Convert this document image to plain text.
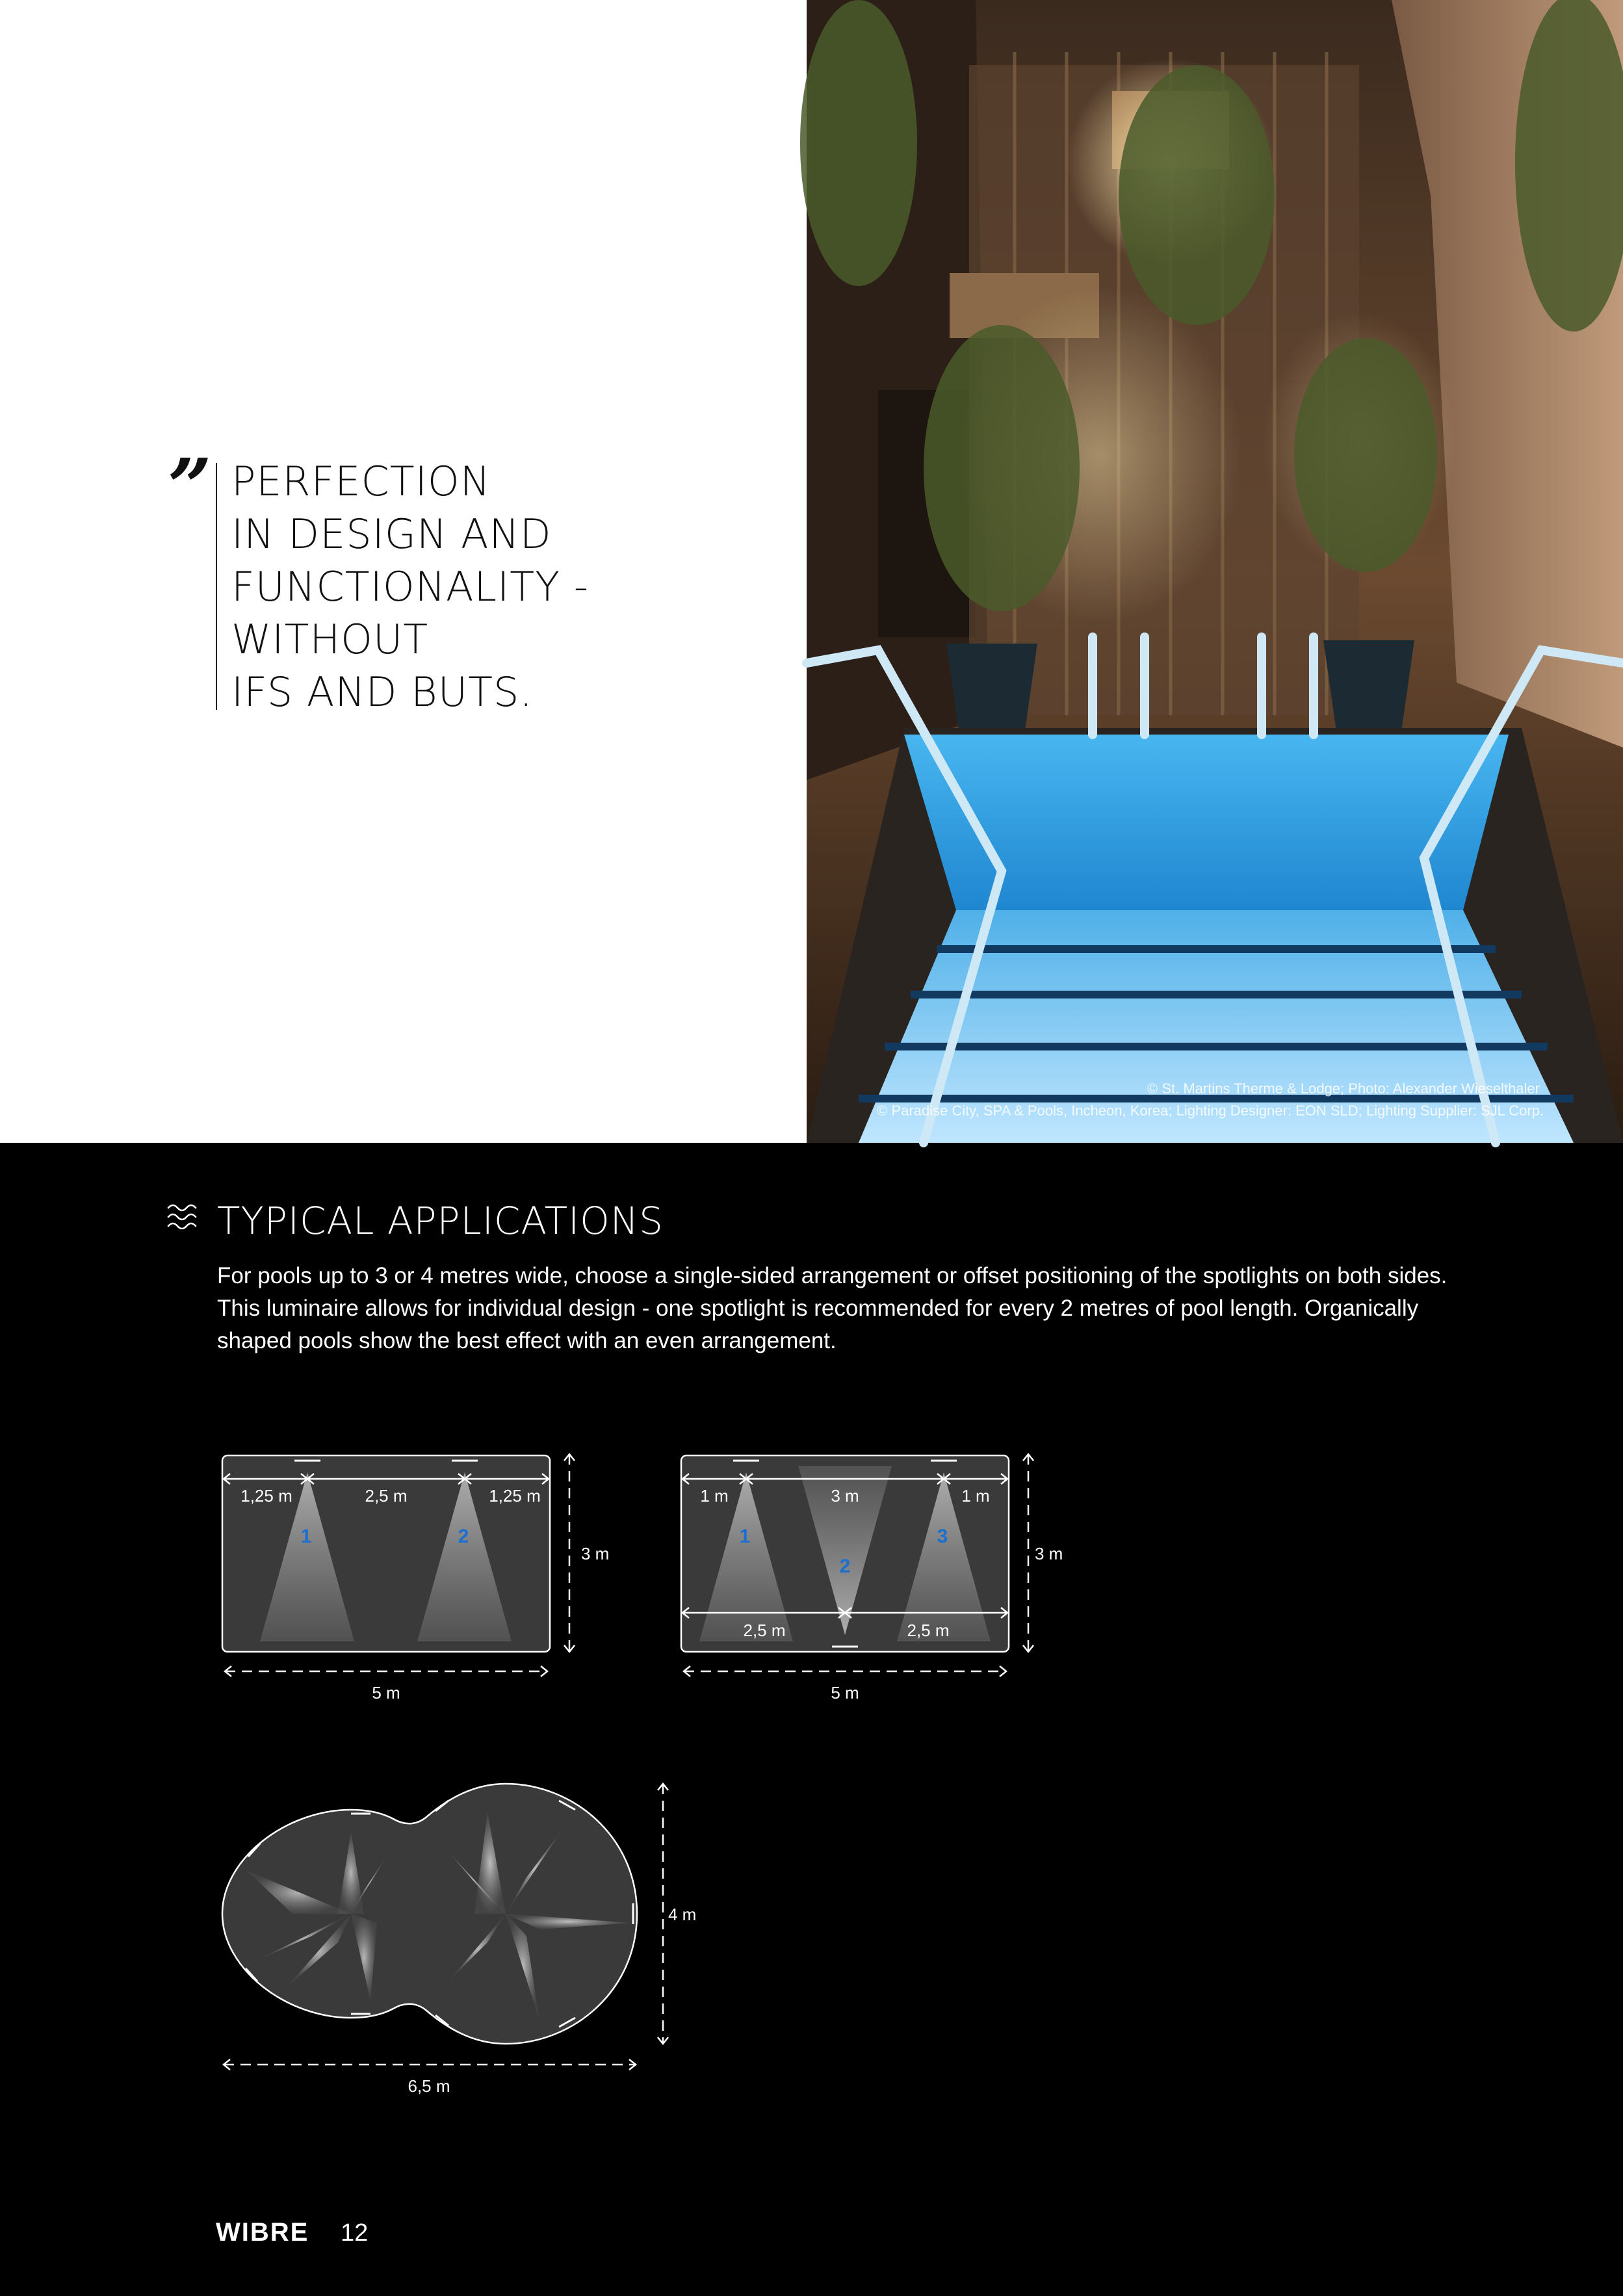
” PERFECTION
IN DESIGN AND
FUNCTIONALITY -
WITHOUT
IFS AND BUTS.
© St. Martins Therme & Lodge; Photo: Alexander Wieselthaler
© Paradise City, SPA & Pools, Incheon, Korea; Lighting Designer: EON SLD; Lighting Supplier: SJL Corp.
TYPICAL APPLICATIONS
For pools up to 3 or 4 metres wide, choose a single-sided arrangement or offset positioning of the spotlights on both sides.
This luminaire allows for individual design - one spotlight is recommended for every 2 metres of pool length. Organically
shaped pools show the best effect with an even arrangement.
1,25 m	2,5 m	1,25 m
1	2
3 m
5 m
1 m	3 m	1 m
1
2
3
2,5 m	2,5 m
3 m
5 m
4 m
6,5 m
WIBRE 12
